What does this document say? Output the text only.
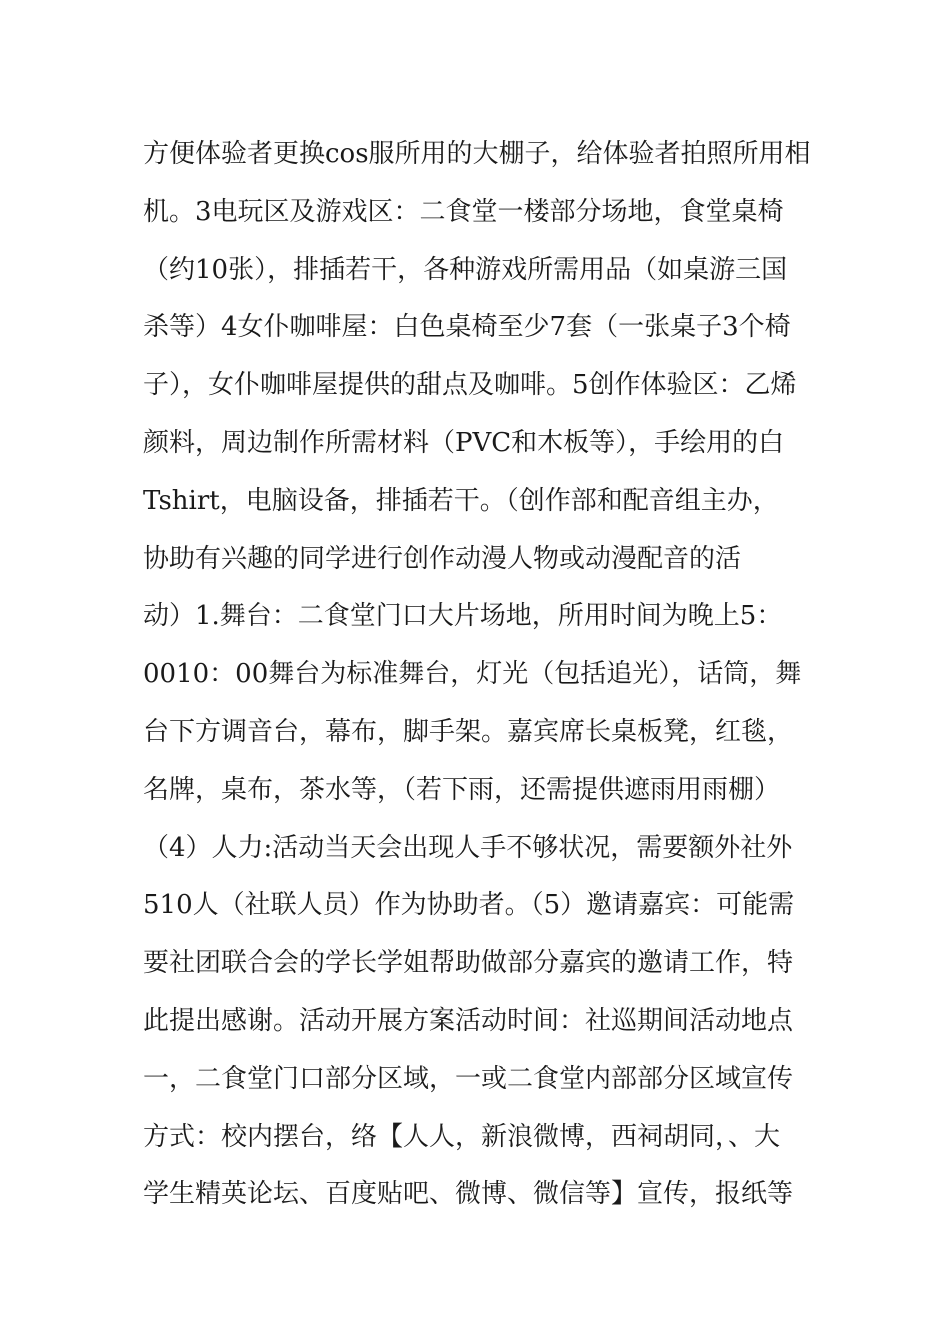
方便体验者更换cos服所用的大棚子，给体验者拍照所用相
机。3电玩区及游戏区：二食堂一楼部分场地，食堂桌椅
（约10张），排插若干，各种游戏所需用品（如桌游三国
杀等）4女仆咖啡屋：白色桌椅至少7套（一张桌子3个椅
子），女仆咖啡屋提供的甜点及咖啡。5创作体验区：乙烯
颜料，周边制作所需材料（PVC和木板等），手绘用的白
Tshirt，电脑设备，排插若干。（创作部和配音组主办，
协助有兴趣的同学进行创作动漫人物或动漫配音的活
动）1.舞台：二食堂门口大片场地，所用时间为晚上5：
0010：00舞台为标准舞台，灯光（包括追光），话筒，舞
台下方调音台，幕布，脚手架。嘉宾席长桌板凳，红毯，
名牌，桌布，茶水等，（若下雨，还需提供遮雨用雨棚）
（4）人力:活动当天会出现人手不够状况，需要额外社外
510人（社联人员）作为协助者。（5）邀请嘉宾：可能需
要社团联合会的学长学姐帮助做部分嘉宾的邀请工作，特
此提出感谢。活动开展方案活动时间：社巡期间活动地点
一，二食堂门口部分区域，一或二食堂内部部分区域宣传
方式：校内摆台，络【人人，新浪微博，西祠胡同，、大
学生精英论坛、百度贴吧、微博、微信等】宣传，报纸等
